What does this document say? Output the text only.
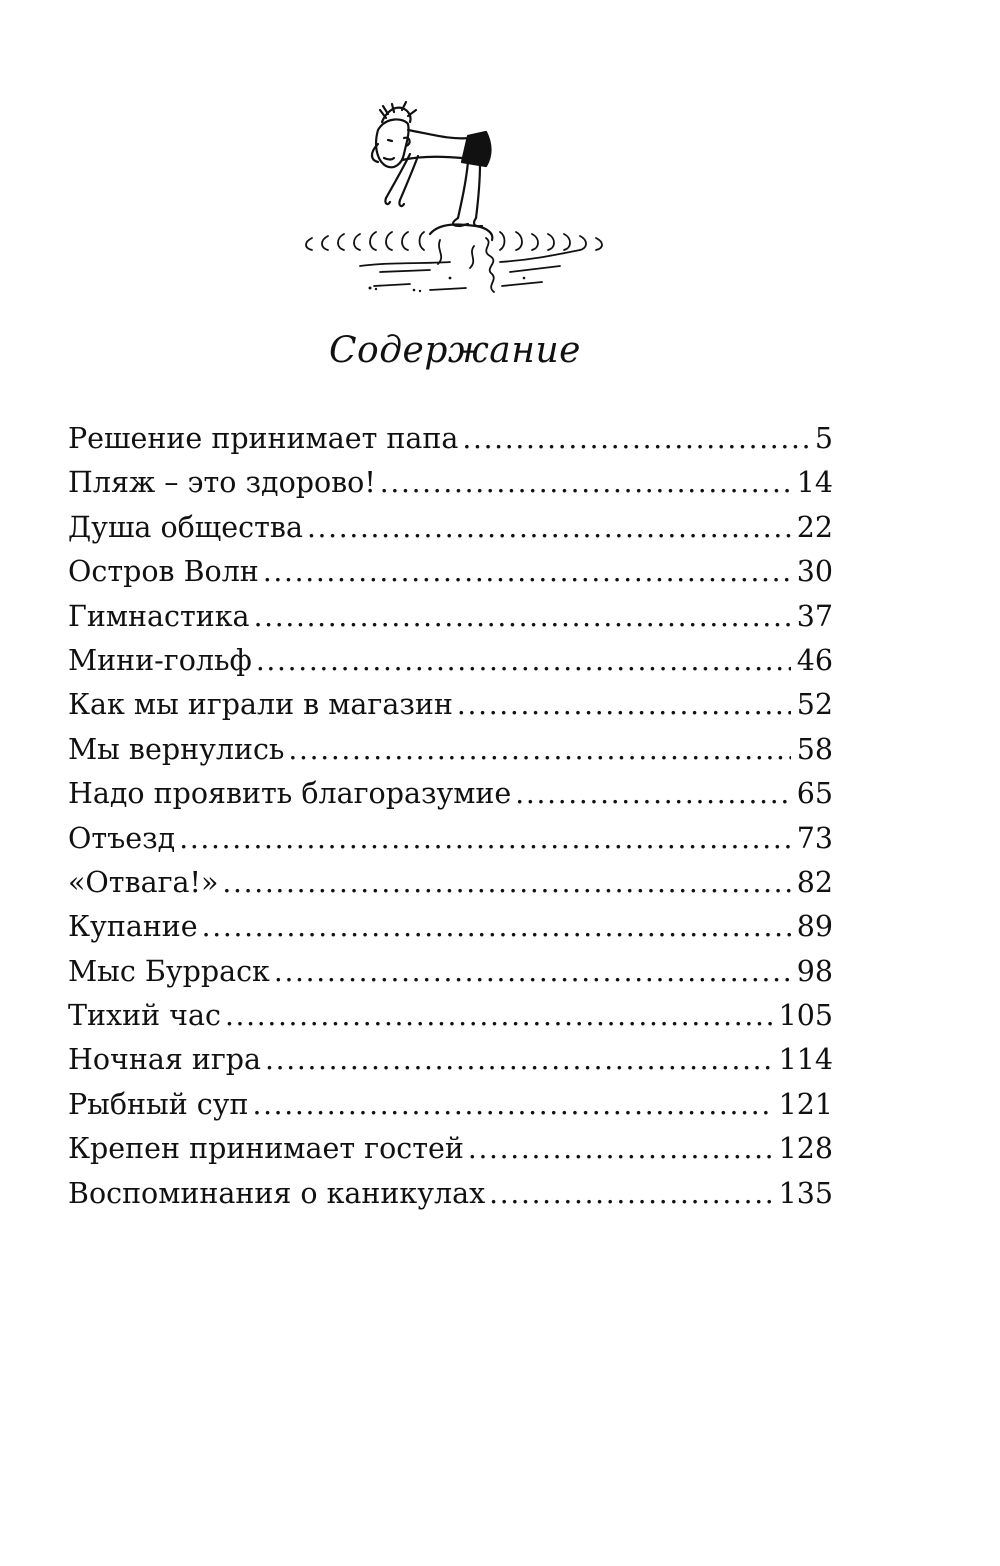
Содержание
Решение принимает папа . . .	5
Пляж – это здорово! . . .	14
Душа общества . . .	22
Остров Волн . . .	30
Гимнастика . . .	37
Мини-гольф . . .	46
Как мы играли в магазин . . .	52
Мы вернулись . . .	58
Надо проявить благоразумие . . .	65
Отъезд . . .	73
«Отвага!» . . .	82
Купание . . .	89
Мыс Бурраск . . .	98
Тихий час . . .	105
Ночная игра . . .	114
Рыбный суп . . .	121
Крепен принимает гостей . . .	128
Воспоминания о каникулах . . .	135
